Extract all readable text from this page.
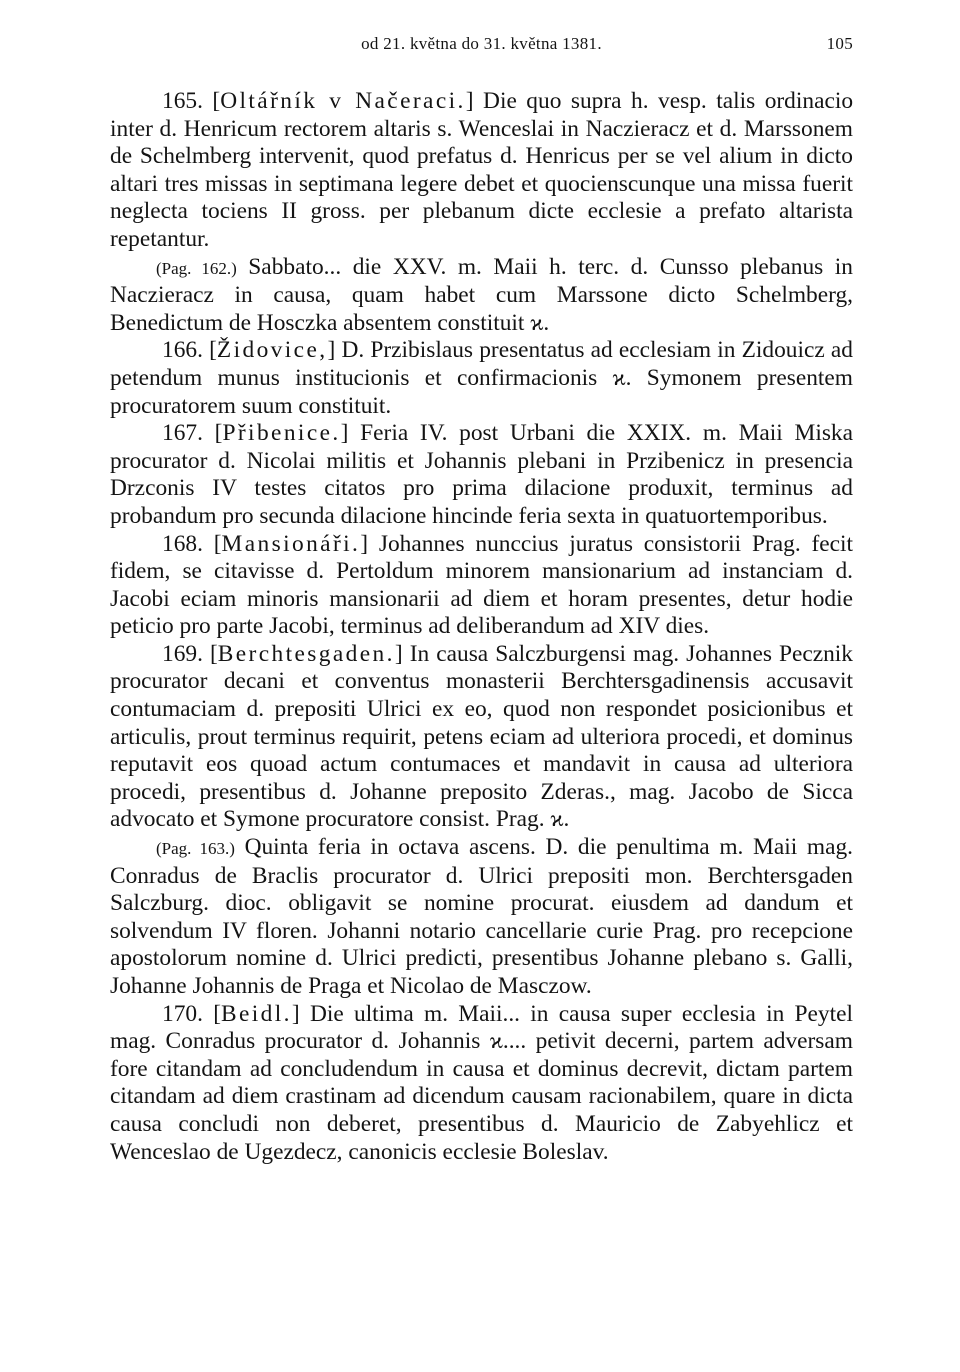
od 21. května do 31. května 1381.	105

165. [Oltářník v Načeraci.] Die quo supra h. vesp. talis ordinacio inter d. Henricum rectorem altaris s. Wenceslai in Naczieracz et d. Marssonem de Schelmberg intervenit, quod prefatus d. Henricus per se vel alium in dicto altari tres missas in septimana legere debet et quocienscunque una missa fuerit neglecta tociens II gross. per plebanum dicte ecclesie a prefato altarista repetantur.

(Pag. 162.) Sabbato... die XXV. m. Maii h. terc. d. Cunsso plebanus in Naczieracz in causa, quam habet cum Marssone dicto Schelmberg, Benedictum de Hosczka absentem constituit ϰ.

166. [Židovice,] D. Przibislaus presentatus ad ecclesiam in Zidouicz ad petendum munus institucionis et confirmacionis ϰ. Symonem presentem procuratorem suum constituit.

167. [Přibenice.] Feria IV. post Urbani die XXIX. m. Maii Miska procurator d. Nicolai militis et Johannis plebani in Przibenicz in presencia Drzconis IV testes citatos pro prima dilacione produxit, terminus ad probandum pro secunda dilacione hincinde feria sexta in quatuortemporibus.

168. [Mansionáři.] Johannes nunccius juratus consistorii Prag. fecit fidem, se citavisse d. Pertoldum minorem mansionarium ad instanciam d. Jacobi eciam minoris mansionarii ad diem et horam presentes, detur hodie peticio pro parte Jacobi, terminus ad deliberandum ad XIV dies.

169. [Berchtesgaden.] In causa Salczburgensi mag. Johannes Pecznik procurator decani et conventus monasterii Berchtersgadinensis accusavit contumaciam d. prepositi Ulrici ex eo, quod non respondet posicionibus et articulis, prout terminus requirit, petens eciam ad ulteriora procedi, et dominus reputavit eos quoad actum contumaces et mandavit in causa ad ulteriora procedi, presentibus d. Johanne preposito Zderas., mag. Jacobo de Sicca advocato et Symone procuratore consist. Prag. ϰ.

(Pag. 163.) Quinta feria in octava ascens. D. die penultima m. Maii mag. Conradus de Braclis procurator d. Ulrici prepositi mon. Berchtersgaden Salczburg. dioc. obligavit se nomine procurat. eiusdem ad dandum et solvendum IV floren. Johanni notario cancellarie curie Prag. pro recepcione apostolorum nomine d. Ulrici predicti, presentibus Johanne plebano s. Galli, Johanne Johannis de Praga et Nicolao de Masczow.

170. [Beidl.] Die ultima m. Maii... in causa super ecclesia in Peytel mag. Conradus procurator d. Johannis ϰ.... petivit decerni, partem adversam fore citandam ad concludendum in causa et dominus decrevit, dictam partem citandam ad diem crastinam ad dicendum causam racionabilem, quare in dicta causa concludi non deberet, presentibus d. Mauricio de Zabyehlicz et Wenceslao de Ugezdecz, canonicis ecclesie Boleslav.
